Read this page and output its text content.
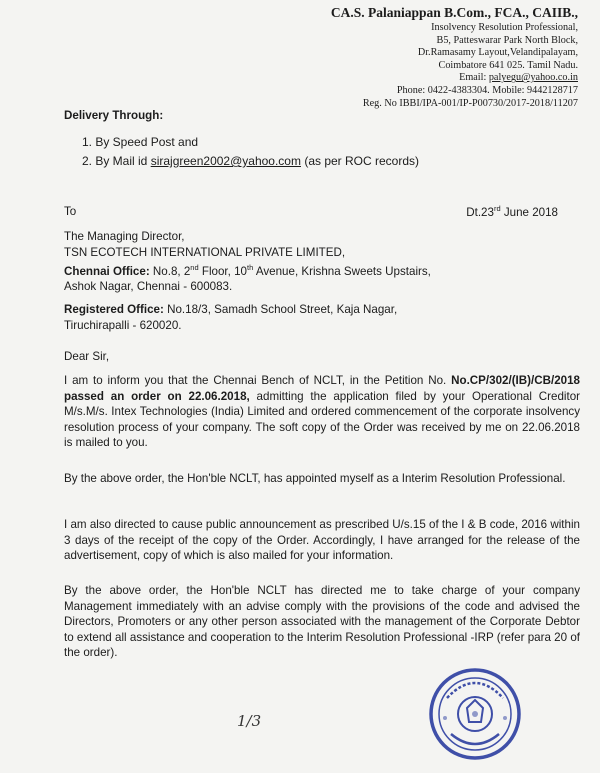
CA.S. Palaniappan B.Com., FCA., CAIIB.,
Insolvency Resolution Professional,
B5, Patteswarar Park North Block,
Dr.Ramasamy Layout,Velandipalayam,
Coimbatore 641 025. Tamil Nadu.
Email: palyegu@yahoo.co.in
Phone: 0422-4383304. Mobile: 9442128717
Reg. No IBBI/IPA-001/IP-P00730/2017-2018/11207
Delivery Through:
1. By Speed Post and
2. By Mail id sirajgreen2002@yahoo.com (as per ROC records)
To	Dt.23rd June 2018
The Managing Director,
TSN ECOTECH INTERNATIONAL PRIVATE LIMITED,
Chennai Office: No.8, 2nd Floor, 10th Avenue, Krishna Sweets Upstairs,
Ashok Nagar, Chennai - 600083.
Registered Office: No.18/3, Samadh School Street, Kaja Nagar,
Tiruchirapalli - 620020.
Dear Sir,
I am to inform you that the Chennai Bench of NCLT, in the Petition No. No.CP/302/(IB)/CB/2018 passed an order on 22.06.2018, admitting the application filed by your Operational Creditor M/s.M/s. Intex Technologies (India) Limited and ordered commencement of the corporate insolvency resolution process of your company. The soft copy of the Order was received by me on 22.06.2018 is mailed to you.
By the above order, the Hon'ble NCLT, has appointed myself as a Interim Resolution Professional.
I am also directed to cause public announcement as prescribed U/s.15 of the I & B code, 2016 within 3 days of the receipt of the copy of the Order. Accordingly, I have arranged for the release of the advertisement, copy of which is also mailed for your information.
By the above order, the Hon'ble NCLT has directed me to take charge of your company Management immediately with an advise comply with the provisions of the code and advised the Directors, Promoters or any other person associated with the management of the Corporate Debtor to extend all assistance and cooperation to the Interim Resolution Professional -IRP (refer para 20 of the order).
1/3
